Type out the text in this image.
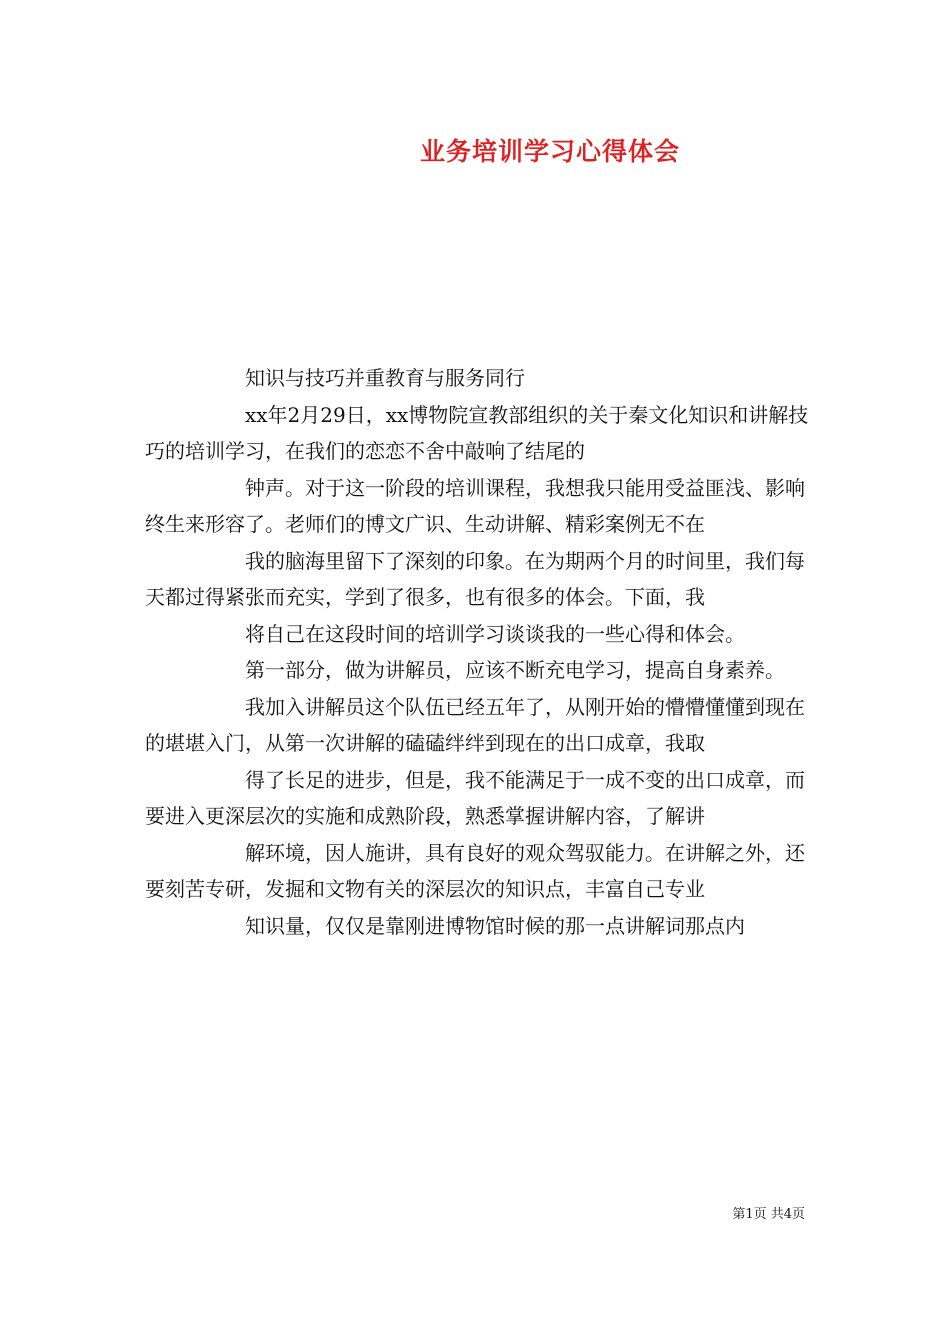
业务培训学习心得体会

知识与技巧并重教育与服务同行

xx年2月29日，xx博物院宣教部组织的关于秦文化知识和讲解技巧的培训学习，在我们的恋恋不舍中敲响了结尾的

钟声。对于这一阶段的培训课程，我想我只能用受益匪浅、影响终生来形容了。老师们的博文广识、生动讲解、精彩案例无不在

我的脑海里留下了深刻的印象。在为期两个月的时间里，我们每天都过得紧张而充实，学到了很多，也有很多的体会。下面，我

将自己在这段时间的培训学习谈谈我的一些心得和体会。

第一部分，做为讲解员，应该不断充电学习，提高自身素养。

我加入讲解员这个队伍已经五年了，从刚开始的懵懵懂懂到现在的堪堪入门，从第一次讲解的磕磕绊绊到现在的出口成章，我取

得了长足的进步，但是，我不能满足于一成不变的出口成章，而要进入更深层次的实施和成熟阶段，熟悉掌握讲解内容，了解讲

解环境，因人施讲，具有良好的观众驾驭能力。在讲解之外，还要刻苦专研，发掘和文物有关的深层次的知识点，丰富自己专业

知识量，仅仅是靠刚进博物馆时候的那一点讲解词那点内

第1页 共4页
